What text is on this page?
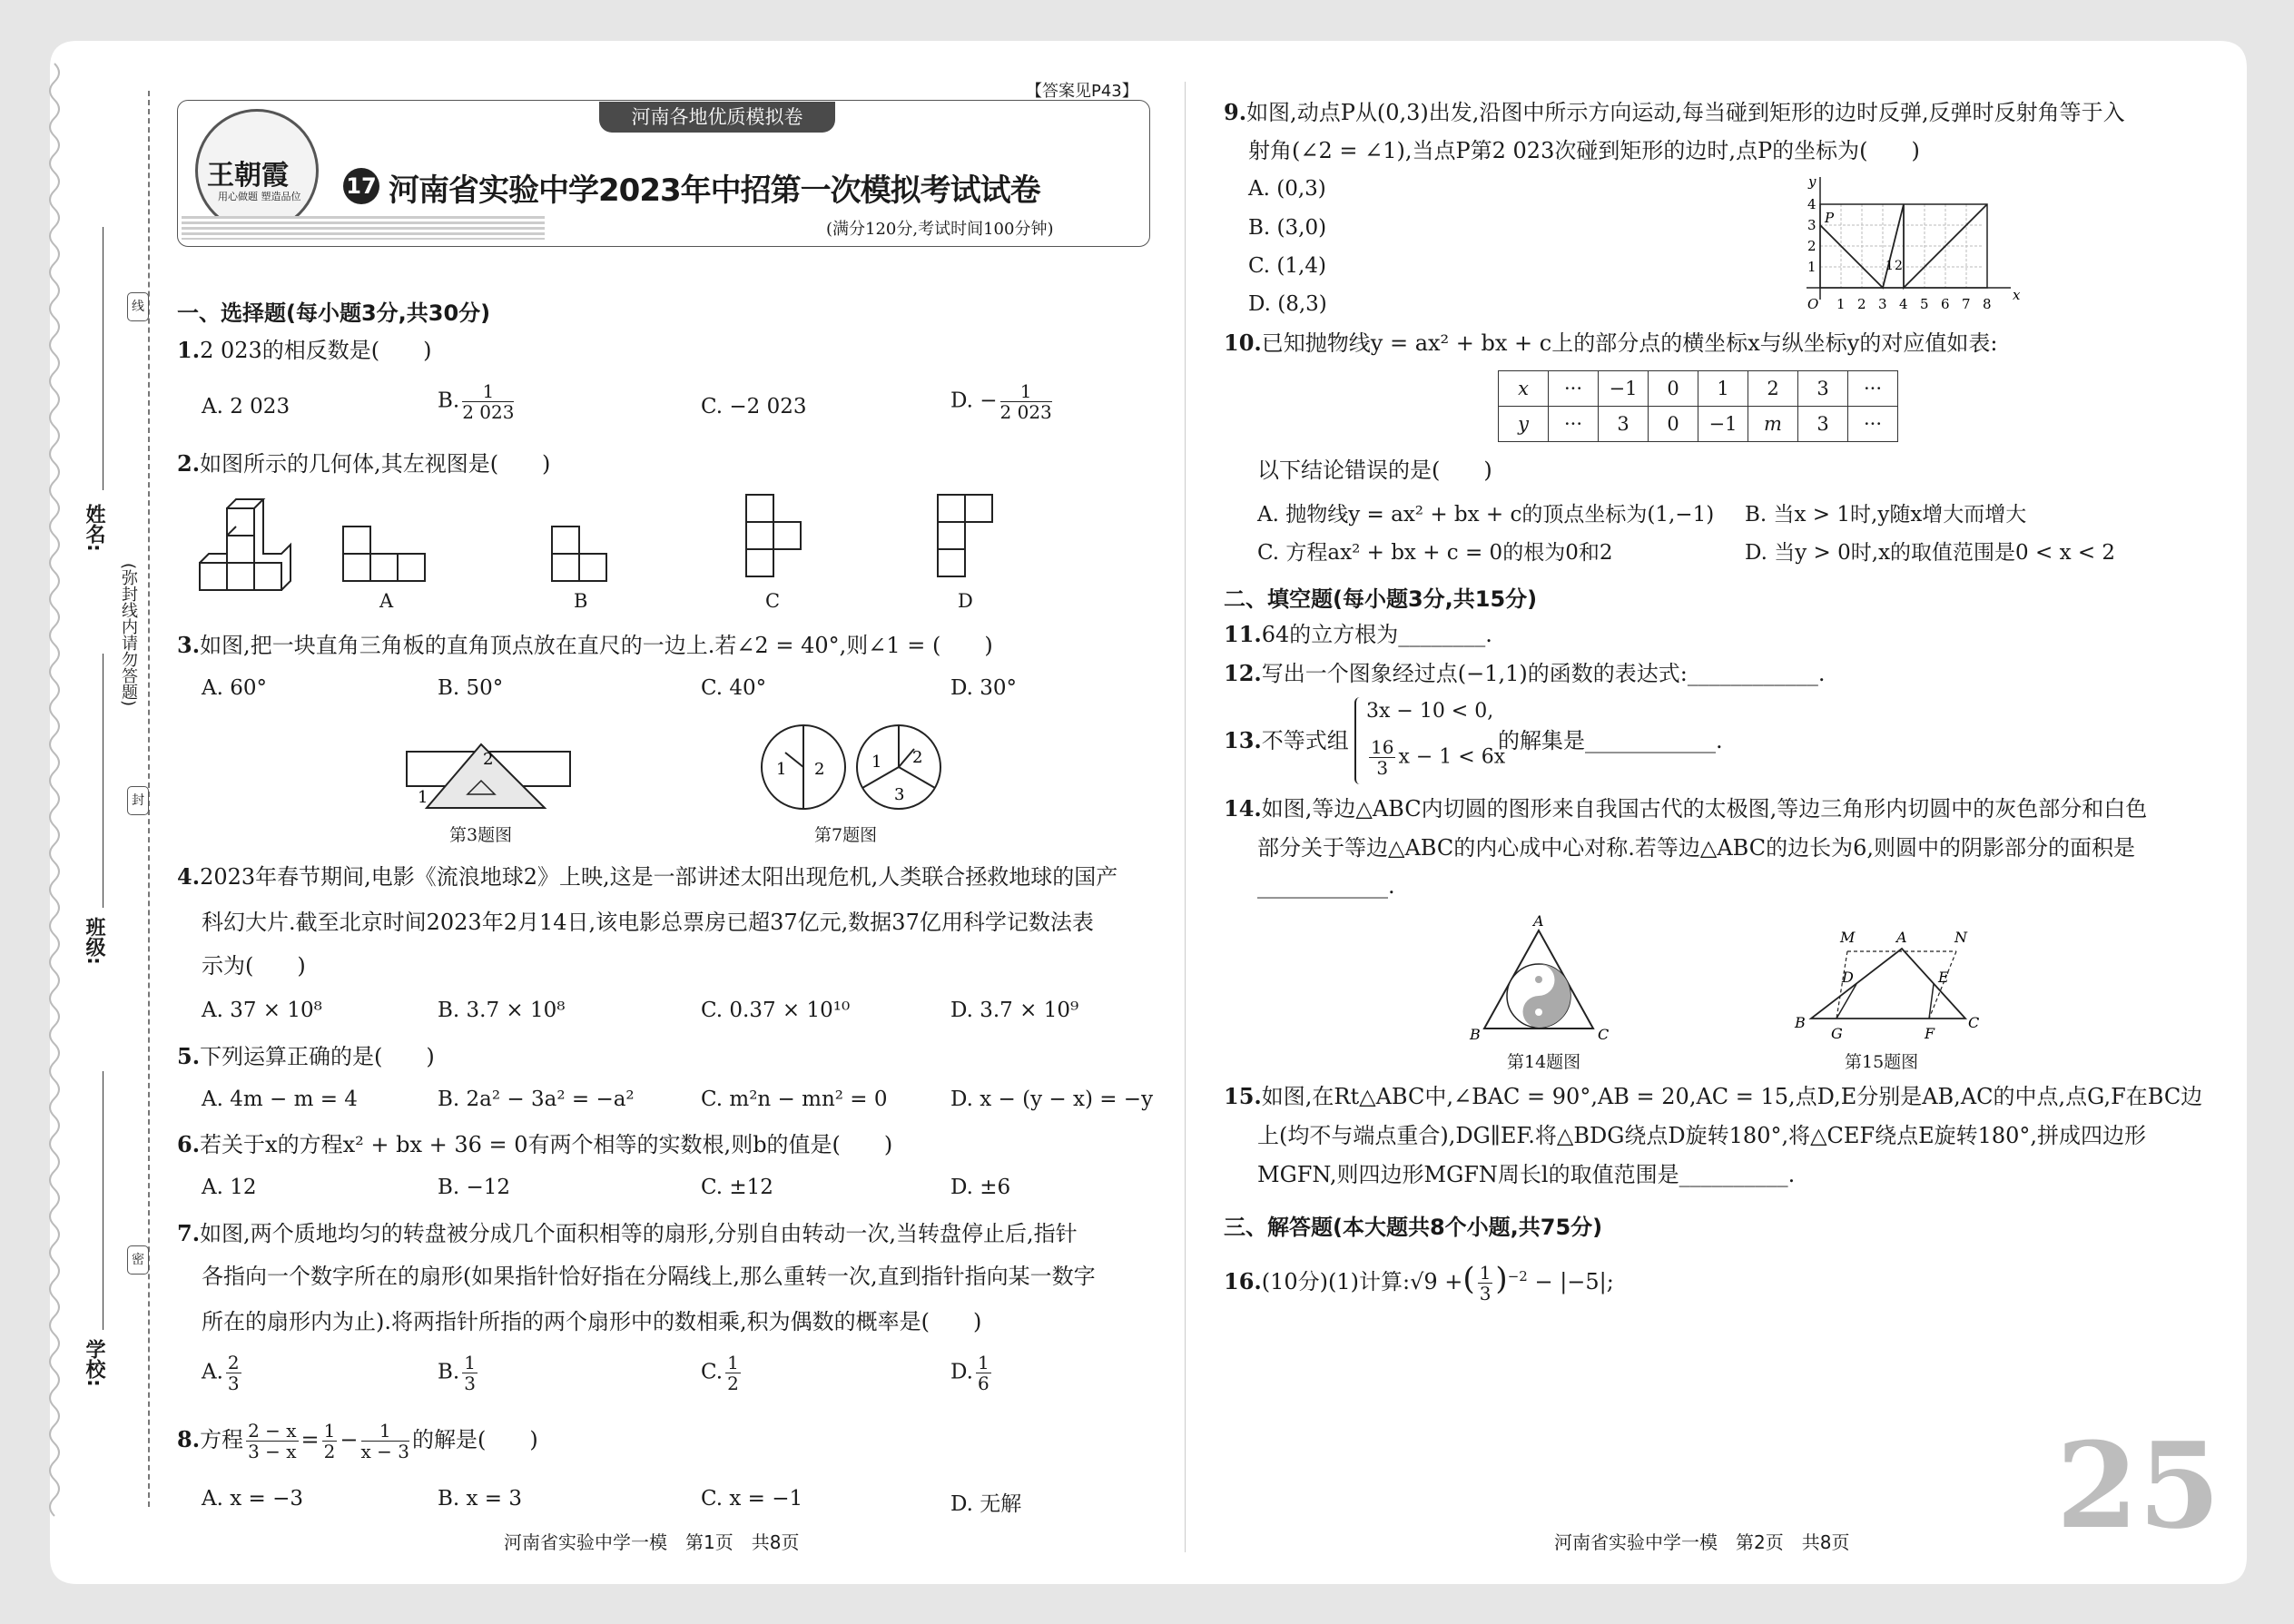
【答案见P43】
河南各地优质模拟卷
王朝霞
用心做题 塑造品位 17 河南省实验中学2023年中招第一次模拟考试试卷
(满分120分,考试时间100分钟)
线
封
密
(弥封线内请勿答题)
姓名:
班级:
学校:
一、选择题(每小题3分,共30分)
1.2 023的相反数是(　　)
A. 2 023	B. $\frac{1}{2 023}$	C. −2 023	D. − $\frac{1}{2 023}$
2.如图所示的几何体,其左视图是(　　)
A	B	C	D
3.如图,把一块直角三角板的直角顶点放在直尺的一边上.若∠2 = 40°,则∠1 = (　　)
A. 60°	B. 50°	C. 40°	D. 30°
2
1
1 2	1 2
3
第3题图	第7题图
4.2023年春节期间,电影《流浪地球2》上映,这是一部讲述太阳出现危机,人类联合拯救地球的国产
科幻大片.截至北京时间2023年2月14日,该电影总票房已超37亿元,数据37亿用科学记数法表
示为(　　)
A. 37 × 10⁸	B. 3.7 × 10⁸	C. 0.37 × 10¹⁰	D. 3.7 × 10⁹
5.下列运算正确的是(　　)
A. 4m − m = 4	B. 2a² − 3a² = −a²	C. m²n − mn² = 0	D. x − (y − x) = −y
6.若关于x的方程x² + bx + 36 = 0有两个相等的实数根,则b的值是(　　)
A. 12	B. −12	C. ±12	D. ±6
7.如图,两个质地均匀的转盘被分成几个面积相等的扇形,分别自由转动一次,当转盘停止后,指针
各指向一个数字所在的扇形(如果指针恰好指在分隔线上,那么重转一次,直到指针指向某一数字
所在的扇形内为止).将两指针所指的两个扇形中的数相乘,积为偶数的概率是(　　)
A. $\frac{2}{3}$	B. $\frac{1}{3}$	C. $\frac{1}{2}$	D. $\frac{1}{6}$
8.方程 $\frac{2 - x}{3 - x} = \frac{1}{2} - \frac{1}{x - 3}$ 的解是(　　)
A. x = −3	B. x = 3	C. x = −1	D. 无解
河南省实验中学一模　第1页　共8页
9.如图,动点P从(0,3)出发,沿图中所示方向运动,每当碰到矩形的边时反弹,反弹时反射角等于入
射角(∠2 = ∠1),当点P第2 023次碰到矩形的边时,点P的坐标为(　　)
A. (0,3)
B. (3,0)
C. (1,4)
D. (8,3)
y
x
O
P
1 2
1 2 3 4 5 6 7 8
1
2
3
4
10.已知抛物线y = ax² + bx + c上的部分点的横坐标x与纵坐标y的对应值如表:
x	···	−1	0	1	2	3	···
y	···	3	0	−1	m	3	···
以下结论错误的是(　　)
A. 抛物线y = ax² + bx + c的顶点坐标为(1,−1) B. 当x > 1时,y随x增大而增大
C. 方程ax² + bx + c = 0的根为0和2	D. 当y > 0时,x的取值范围是0 < x < 2
二、填空题(每小题3分,共15分)
11.64的立方根为________.
12.写出一个图象经过点(−1,1)的函数的表达式:____________.
13.不等式组
3x − 10 < 0,
$\frac{16}{3}$ x − 1 < 6x
的解集是____________.
14.如图,等边△ABC内切圆的图形来自我国古代的太极图,等边三角形内切圆中的灰色部分和白色
部分关于等边△ABC的内心成中心对称.若等边△ABC的边长为6,则圆中的阴影部分的面积是
____________.
A
B	C
M	A	N
D	E
B
G	F
C
第14题图	第15题图
15.如图,在Rt△ABC中,∠BAC = 90°,AB = 20,AC = 15,点D,E分别是AB,AC的中点,点G,F在BC边
上(均不与端点重合),DG∥EF.将△BDG绕点D旋转180°,将△CEF绕点E旋转180°,拼成四边形
MGFN,则四边形MGFN周长l的取值范围是__________.
三、解答题(本大题共8个小题,共75分)
16.(10分)(1)计算:√9 +( $\frac{1}{3} )^{-2} - |-5|$;
25
河南省实验中学一模　第2页　共8页
